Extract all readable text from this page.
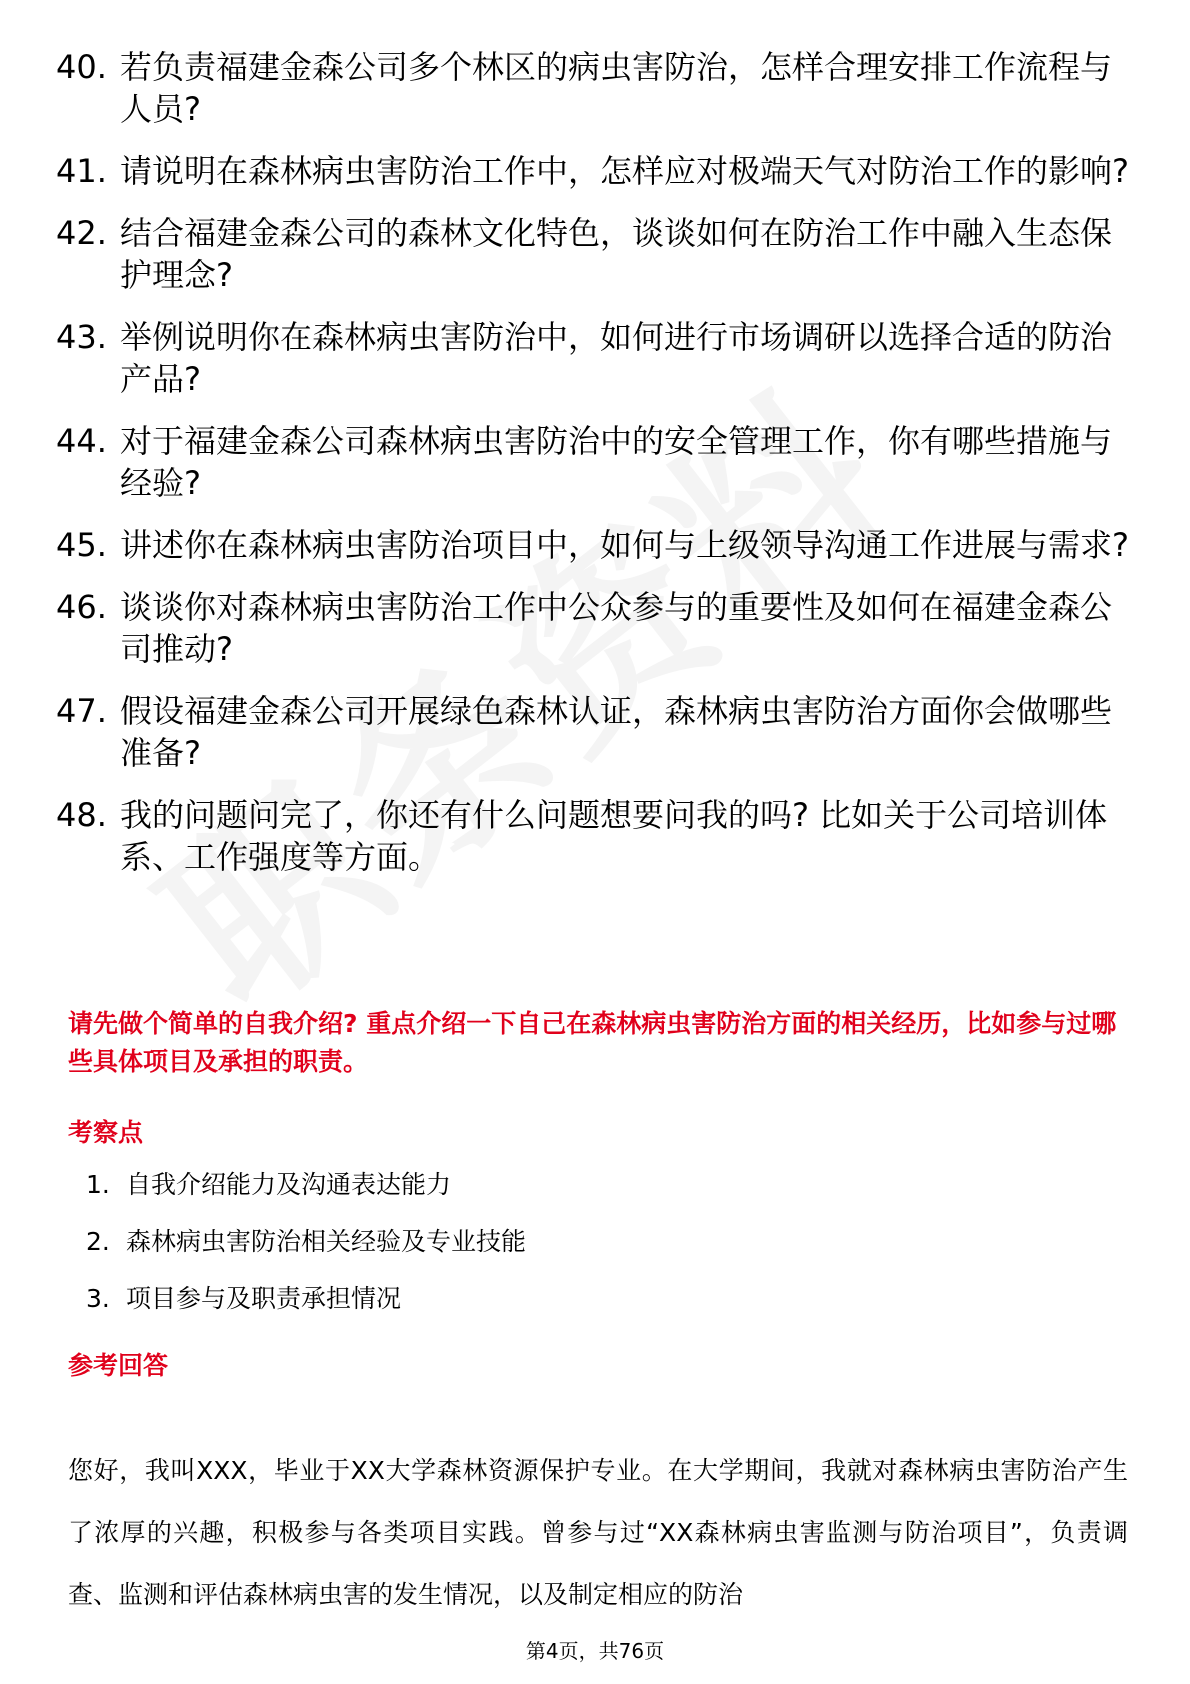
40. 若负责福建金森公司多个林区的病虫害防治，怎样合理安排工作流程与人员?
41. 请说明在森林病虫害防治工作中，怎样应对极端天气对防治工作的影响?
42. 结合福建金森公司的森林文化特色，谈谈如何在防治工作中融入生态保护理念?
43. 举例说明你在森林病虫害防治中，如何进行市场调研以选择合适的防治产品?
44. 对于福建金森公司森林病虫害防治中的安全管理工作，你有哪些措施与经验?
45. 讲述你在森林病虫害防治项目中，如何与上级领导沟通工作进展与需求?
46. 谈谈你对森林病虫害防治工作中公众参与的重要性及如何在福建金森公司推动?
47. 假设福建金森公司开展绿色森林认证，森林病虫害防治方面你会做哪些准备?
48. 我的问题问完了，你还有什么问题想要问我的吗? 比如关于公司培训体系、工作强度等方面。
请先做个简单的自我介绍? 重点介绍一下自己在森林病虫害防治方面的相关经历，比如参与过哪些具体项目及承担的职责。
考察点
1. 自我介绍能力及沟通表达能力
2. 森林病虫害防治相关经验及专业技能
3. 项目参与及职责承担情况
参考回答
您好，我叫XXX，毕业于XX大学森林资源保护专业。在大学期间，我就对森林病虫害防治产生了浓厚的兴趣，积极参与各类项目实践。曾参与过“XX森林病虫害监测与防治项目”，负责调查、监测和评估森林病虫害的发生情况，以及制定相应的防治
第4页，共76页
